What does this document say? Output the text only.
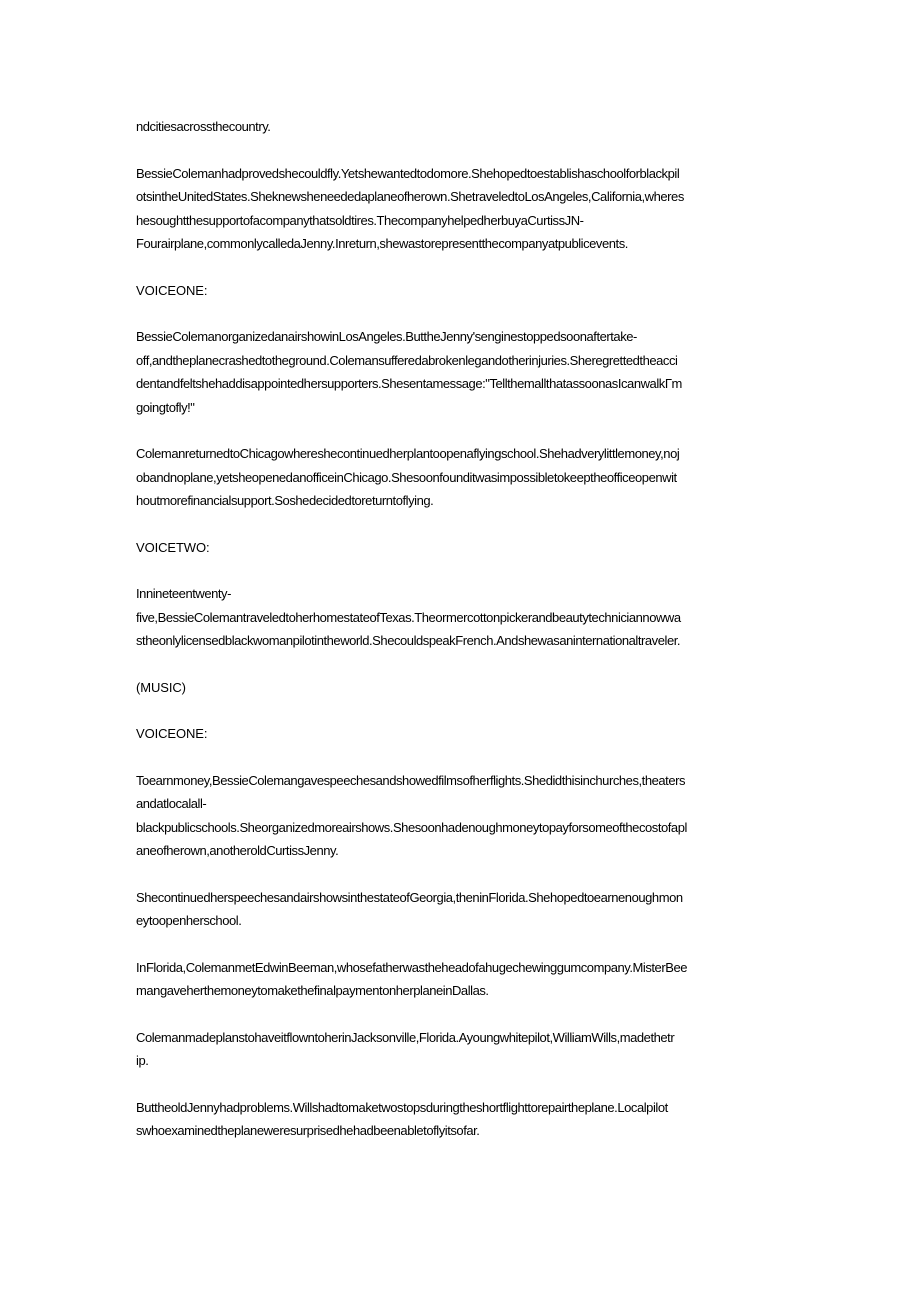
ndcitiesacrossthecountry.

BessieColemanhadprovedshecouldfly.Yetshewantedtodomore.Shehopedtoestablishaschoolforblackpil
otsintheUnitedStates.Sheknewsheneededaplaneofherown.ShetraveledtoLosAngeles,California,wheres
hesoughtthesupportofacompanythatsoldtires.ThecompanyhelpedherbuyaCurtissJN-
Fourairplane,commonlycalledaJenny.Inreturn,shewastorepresentthecompanyatpublicevents.

VOICEONE:

BessieColemanorganizedanairshowinLosAngeles.ButtheJenny'senginestoppedsoonaftertake-
off,andtheplanecrashedtotheground.Colemansufferedabrokenlegandotherinjuries.Sheregrettedtheacci
dentandfeltshehaddisappointedhersupporters.Shesentamessage:"TellthemallthatassoonasIcanwalkΓm
goingtofly!"

ColemanreturnedtoChicagowhereshecontinuedherplantoopenaflyingschool.Shehadverylittlemoney,noj
obandnoplane,yetsheopenedanofficeinChicago.Shesoonfounditwasimpossibletokeeptheofficeopenwit
houtmorefinancialsupport.Soshedecidedtoreturntoflying.

VOICETWO:

Innineteentwenty-
five,BessieColemantraveledtoherhomestateofTexas.Theormercottonpickerandbeautytechniciannowwa
stheonlylicensedblackwomanpilotintheworld.ShecouldspeakFrench.Andshewasaninternationaltraveler.

(MUSIC)

VOICEONE:

Toearnmoney,BessieColemangavespeechesandshowedfilmsofherflights.Shedidthisinchurches,theaters
andatlocalall-
blackpublicschools.Sheorganizedmoreairshows.Shesoonhadenoughmoneytopayforsomeofthecostofapl
aneofherown,anotheroldCurtissJenny.

ShecontinuedherspeechesandairshowsinthestateofGeorgia,theninFlorida.Shehopedtoearnenoughmon
eytoopenherschool.

InFlorida,ColemanmetEdwinBeeman,whosefatherwastheheadofahugechewinggumcompany.MisterBee
mangaveherthemoneytomakethefinalpaymentonherplaneinDallas.

ColemanmadeplanstohaveitflowntoherinJacksonville,Florida.Ayoungwhitepilot,WilliamWills,madethetr
ip.

ButtheoldJennyhadproblems.Willshadtomaketwostopsduringtheshortflighttorepairtheplane.Localpilot
swhoexaminedtheplaneweresurprisedhehadbeenabletoflyitsofar.
